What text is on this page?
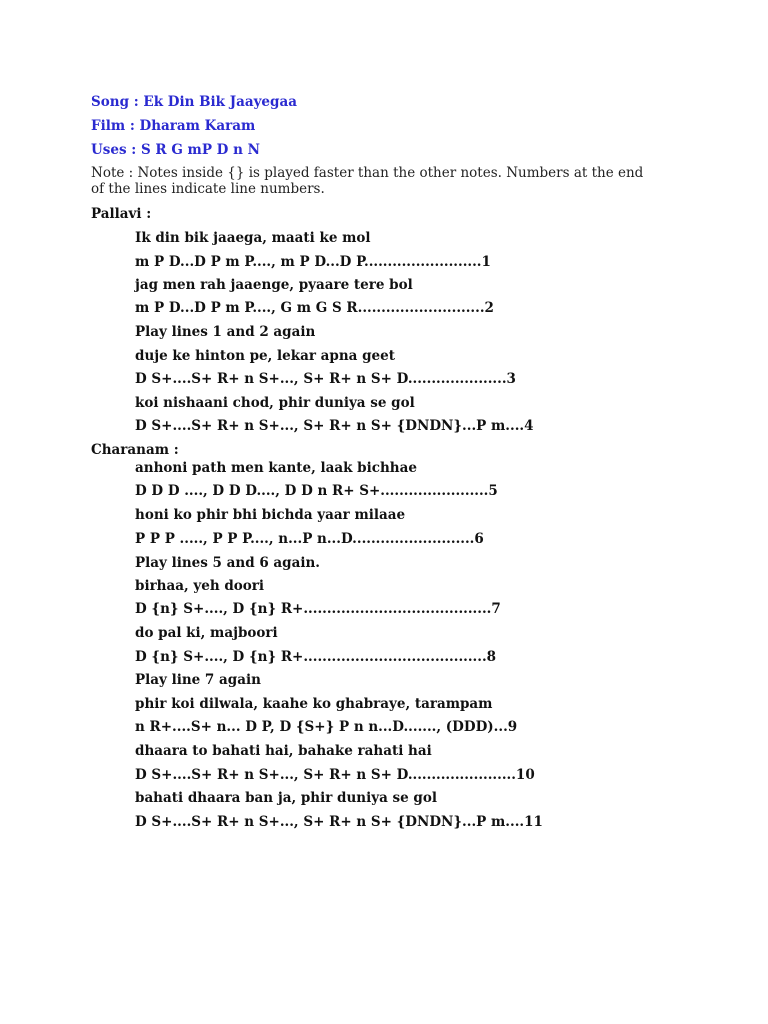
Song : Ek Din Bik Jaayegaa
Film : Dharam Karam
Uses : S R G mP D n N
Note : Notes inside {} is played faster than the other notes. Numbers at the end of the lines indicate line numbers.
Pallavi :
Ik din bik jaaega, maati ke mol
m P D...D P m P...., m P D...D P.........................1
jag men rah jaaenge, pyaare tere bol
m P D...D P m P...., G m G S R...........................2
Play lines 1 and 2 again
duje ke hinton pe, lekar apna geet
D S+....S+ R+ n S+..., S+ R+ n S+ D.....................3
koi nishaani chod, phir duniya se gol
D S+....S+ R+ n S+..., S+ R+ n S+ {DNDN}...P m....4
Charanam :
anhoni path men kante, laak bichhae
D D D ...., D D D...., D D n R+ S+.......................5
honi ko phir bhi bichda yaar milaae
P P P ....., P P P...., n...P n...D..........................6
Play lines 5 and 6 again.
birhaa, yeh doori
D {n} S+...., D {n} R+........................................7
do pal ki, majboori
D {n} S+...., D {n} R+.......................................8
Play line 7 again
phir koi dilwala, kaahe ko ghabraye, tarampam
n R+....S+ n... D P, D {S+} P n n...D......., (DDD)...9
dhaara to bahati hai, bahake rahati hai
D S+....S+ R+ n S+..., S+ R+ n S+ D.......................10
bahati dhaara ban ja, phir duniya se gol
D S+....S+ R+ n S+..., S+ R+ n S+ {DNDN}...P m....11
